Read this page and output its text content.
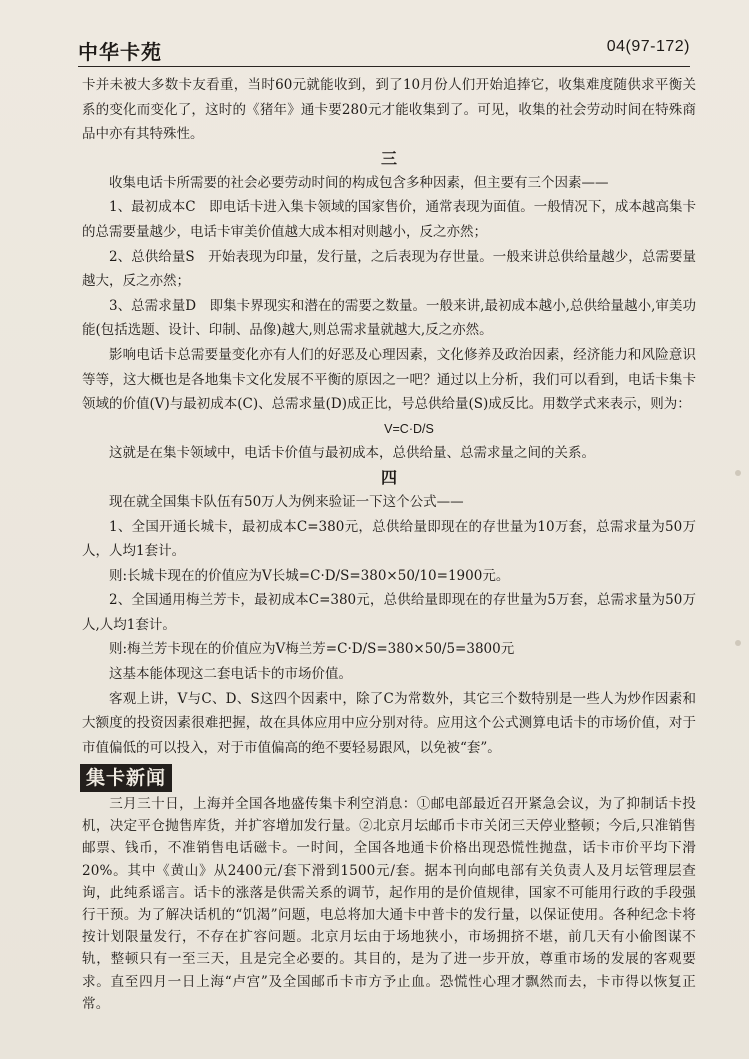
中华卡苑	04(97-172)

卡并未被大多数卡友看重，当时60元就能收到，到了10月份人们开始追捧它，收集难度随供求平衡关系的变化而变化了，这时的《猪年》通卡要280元才能收集到了。可见，收集的社会劳动时间在特殊商品中亦有其特殊性。

三

收集电话卡所需要的社会必要劳动时间的构成包含多种因素，但主要有三个因素——

1、最初成本C　即电话卡进入集卡领域的国家售价，通常表现为面值。一般情况下，成本越高集卡的总需要量越少，电话卡审美价值越大成本相对则越小，反之亦然；

2、总供给量S　开始表现为印量，发行量，之后表现为存世量。一般来讲总供给量越少，总需要量越大，反之亦然；

3、总需求量D　即集卡界现实和潜在的需要之数量。一般来讲,最初成本越小,总供给量越小,审美功能(包括选题、设计、印制、品像)越大,则总需求量就越大,反之亦然。

影响电话卡总需要量变化亦有人们的好恶及心理因素，文化修养及政治因素，经济能力和风险意识等等，这大概也是各地集卡文化发展不平衡的原因之一吧？通过以上分析，我们可以看到，电话卡集卡领域的价值(V)与最初成本(C)、总需求量(D)成正比，号总供给量(S)成反比。用数学式来表示，则为：

V=C·D/S

这就是在集卡领域中，电话卡价值与最初成本，总供给量、总需求量之间的关系。

四

现在就全国集卡队伍有50万人为例来验证一下这个公式——

1、全国开通长城卡，最初成本C=380元，总供给量即现在的存世量为10万套，总需求量为50万人，人均1套计。

则:长城卡现在的价值应为V长城=C·D/S=380×50/10=1900元。

2、全国通用梅兰芳卡，最初成本C=380元，总供给量即现在的存世量为5万套，总需求量为50万人,人均1套计。

则:梅兰芳卡现在的价值应为V梅兰芳=C·D/S=380×50/5=3800元

这基本能体现这二套电话卡的市场价值。

客观上讲，V与C、D、S这四个因素中，除了C为常数外，其它三个数特别是一些人为炒作因素和大额度的投资因素很难把握，故在具体应用中应分别对待。应用这个公式测算电话卡的市场价值，对于市值偏低的可以投入，对于市值偏高的绝不要轻易跟风，以免被“套”。

集卡新闻

三月三十日，上海并全国各地盛传集卡利空消息：①邮电部最近召开紧急会议，为了抑制话卡投机，决定平仓抛售库货，并扩容增加发行量。②北京月坛邮币卡市关闭三天停业整顿；今后,只准销售邮票、钱币，不准销售电话磁卡。一时间，全国各地通卡价格出现恐慌性抛盘，话卡市价平均下滑20%。其中《黄山》从2400元/套下滑到1500元/套。据本刊向邮电部有关负责人及月坛管理层查询，此纯系谣言。话卡的涨落是供需关系的调节，起作用的是价值规律，国家不可能用行政的手段强行干预。为了解决话机的“饥渴”问题，电总将加大通卡中普卡的发行量，以保证使用。各种纪念卡将按计划限量发行，不存在扩容问题。北京月坛由于场地狭小，市场拥挤不堪，前几天有小偷图谋不轨，整顿只有一至三天，且是完全必要的。其目的，是为了进一步开放，尊重市场的发展的客观要求。直至四月一日上海“卢宫”及全国邮币卡市方予止血。恐慌性心理才飘然而去，卡市得以恢复正常。
